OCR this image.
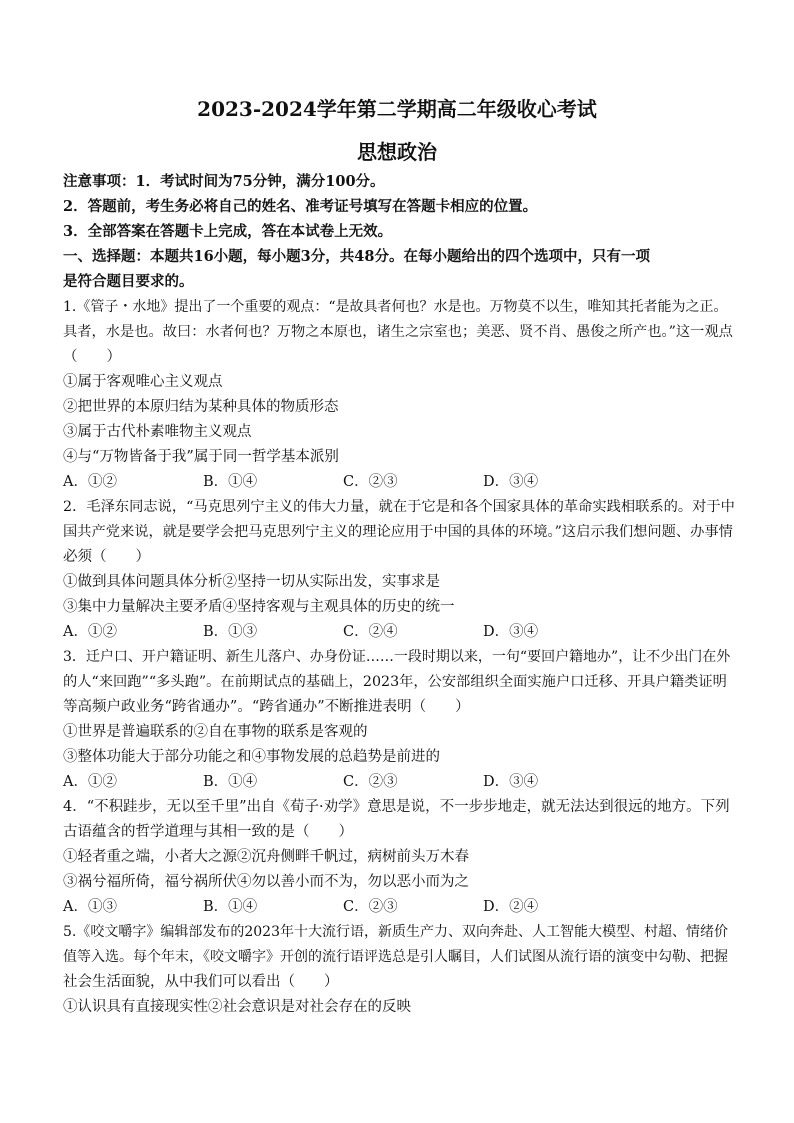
2023-2024学年第二学期高二年级收心考试
思想政治
注意事项：1．考试时间为75分钟，满分100分。
2．答题前，考生务必将自己的姓名、准考证号填写在答题卡相应的位置。
3．全部答案在答题卡上完成，答在本试卷上无效。
一、选择题：本题共16小题，每小题3分，共48分。在每小题给出的四个选项中，只有一项
是符合题目要求的。
1.《管子・水地》提出了一个重要的观点：“是故具者何也？水是也。万物莫不以生，唯知其托者能为之正。
具者，水是也。故曰：水者何也？万物之本原也，诸生之宗室也；美恶、贤不肖、愚俊之所产也。”这一观点
（　　）
①属于客观唯心主义观点
②把世界的本原归结为某种具体的物质形态
③属于古代朴素唯物主义观点
④与“万物皆备于我”属于同一哲学基本派别
A．①②	B．①④	C．②③	D．③④
2．毛泽东同志说，“马克思列宁主义的伟大力量，就在于它是和各个国家具体的革命实践相联系的。对于中
国共产党来说，就是要学会把马克思列宁主义的理论应用于中国的具体的环境。”这启示我们想问题、办事情
必须（　　）
①做到具体问题具体分析②坚持一切从实际出发，实事求是
③集中力量解决主要矛盾④坚持客观与主观具体的历史的统一
A．①②	B．①③	C．②④	D．③④
3．迁户口、开户籍证明、新生儿落户、办身份证……一段时期以来，一句“要回户籍地办”，让不少出门在外
的人“来回跑”“多头跑”。在前期试点的基础上，2023年，公安部组织全面实施户口迁移、开具户籍类证明
等高频户政业务“跨省通办”。“跨省通办”不断推进表明（　　）
①世界是普遍联系的②自在事物的联系是客观的
③整体功能大于部分功能之和④事物发展的总趋势是前进的
A．①②	B．①④	C．②③	D．③④
4．“不积跬步，无以至千里”出自《荀子·劝学》意思是说，不一步步地走，就无法达到很远的地方。下列
古语蕴含的哲学道理与其相一致的是（　　）
①轻者重之端，小者大之源②沉舟侧畔千帆过，病树前头万木春
③祸兮福所倚，福兮祸所伏④勿以善小而不为，勿以恶小而为之
A．①③	B．①④	C．②③	D．②④
5.《咬文嚼字》编辑部发布的2023年十大流行语，新质生产力、双向奔赴、人工智能大模型、村超、情绪价
值等入选。每个年末，《咬文嚼字》开创的流行语评选总是引人瞩目，人们试图从流行语的演变中勾勒、把握
社会生活面貌，从中我们可以看出（　　）
①认识具有直接现实性②社会意识是对社会存在的反映
